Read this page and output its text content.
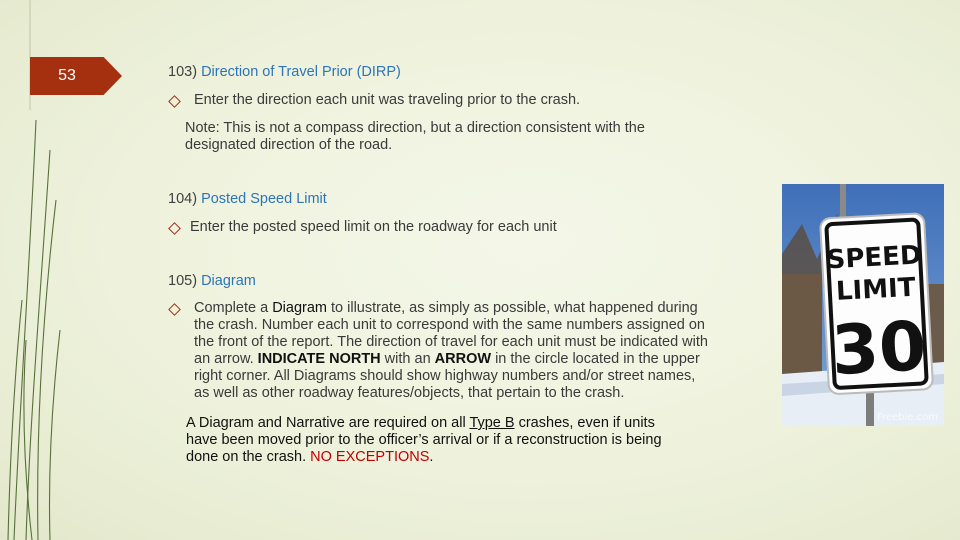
53	103) Direction of Travel Prior (DIRP)
Enter the direction each unit was traveling prior to the crash.
Note: This is not a compass direction, but a direction consistent with the
designated direction of the road.
104) Posted Speed Limit
Enter the posted speed limit on the roadway for each unit
105) Diagram
Complete a Diagram to illustrate, as simply as possible, what happened during
the crash. Number each unit to correspond with the same numbers assigned on
the front of the report. The direction of travel for each unit must be indicated with
an arrow. INDICATE NORTH with an ARROW in the circle located in the upper
right corner. All Diagrams should show highway numbers and/or street names,
as well as other roadway features/objects, that pertain to the crash.
A Diagram and Narrative are required on all Type B crashes, even if units
have been moved prior to the officer’s arrival or if a reconstruction is being
done on the crash. NO EXCEPTIONS.
SPEED
LIMIT
30
Freebie.com
